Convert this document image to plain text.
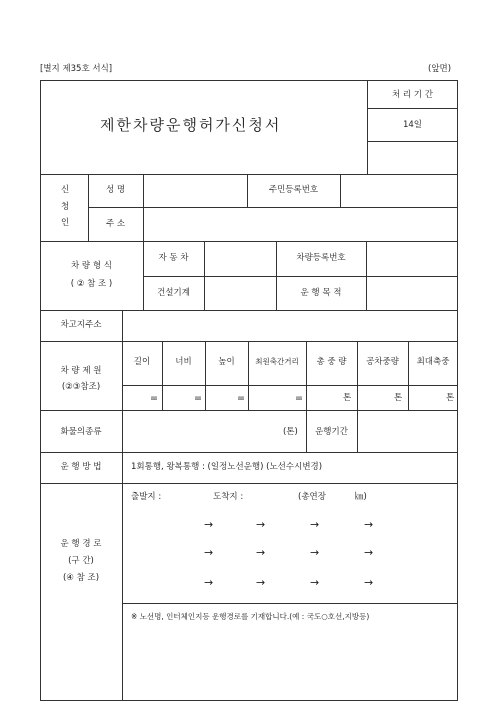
[별지 제35호 서식]	(앞면)
제한차량운행허가신청서
처 리 기 간
14일
신
청
인
성 명	주민등록번호
주 소
차 량 형 식
( ② 참 조 )
자 동 차	차량등록번호
건설기계	운 행 목 적
차고지주소
차 량 제 원
(②③참조)
길이	너비	높이	최원축간거리	총 중 량	공차중량	최대축중
㎜	㎜	㎜	㎜	톤	톤	톤
화물의종류	(톤)	운행기간
운 행 방 법	1회통행, 왕복통행 : (일정노선운행) (노선수시변경)
운 행 경 로
(구 간)
(④ 참 조)
출발지 :	도착지 :	(총연장	㎞)
→	→	→	→
→	→	→	→
→	→	→	→
※ 노선명, 인터체인지등 운행경로를 기재합니다.(예 : 국도○호선,지방등)
